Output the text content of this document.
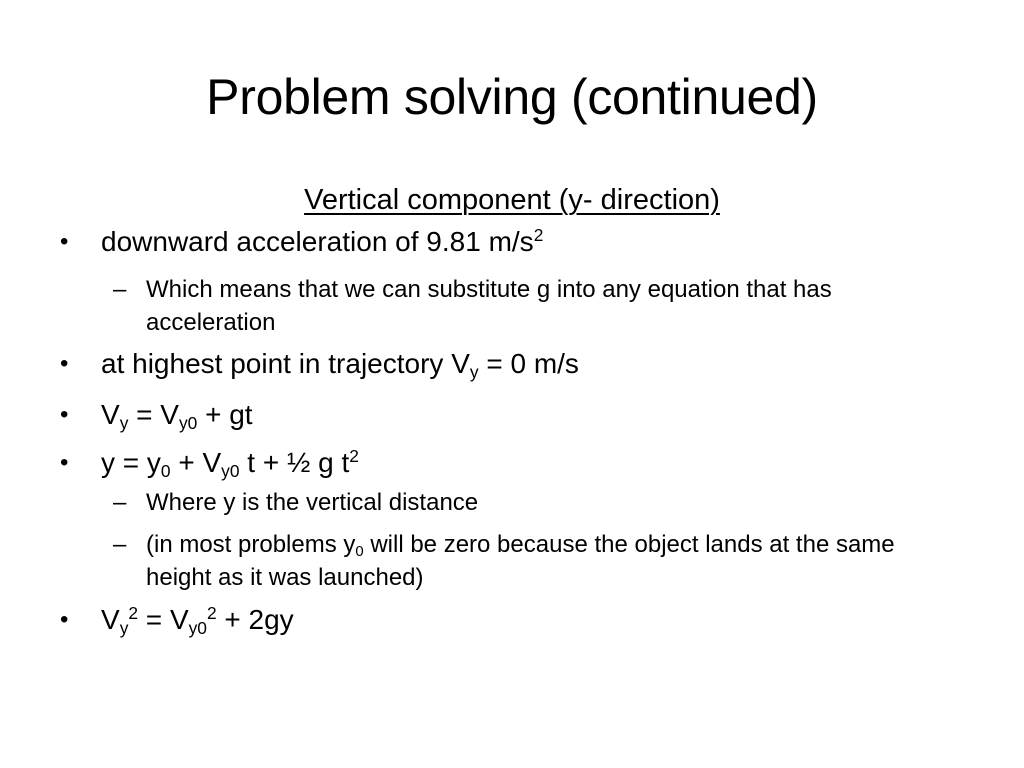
Problem solving (continued)
Vertical component (y- direction)
• downward acceleration of 9.81 $m/s^2$
– Which means that we can substitute g into any equation that has acceleration
• at highest point in trajectory $V_y = 0$ m/s
• $V_y = V_{y0}$ + gt
• $y = y_0 + V_{y0}$ t + ½ g $t^2$
– Where y is the vertical distance
– (in most problems $y_0$ will be zero because the object lands at the same height as it was launched)
• $V_y^2 = V_{y0}^2 + 2gy$
